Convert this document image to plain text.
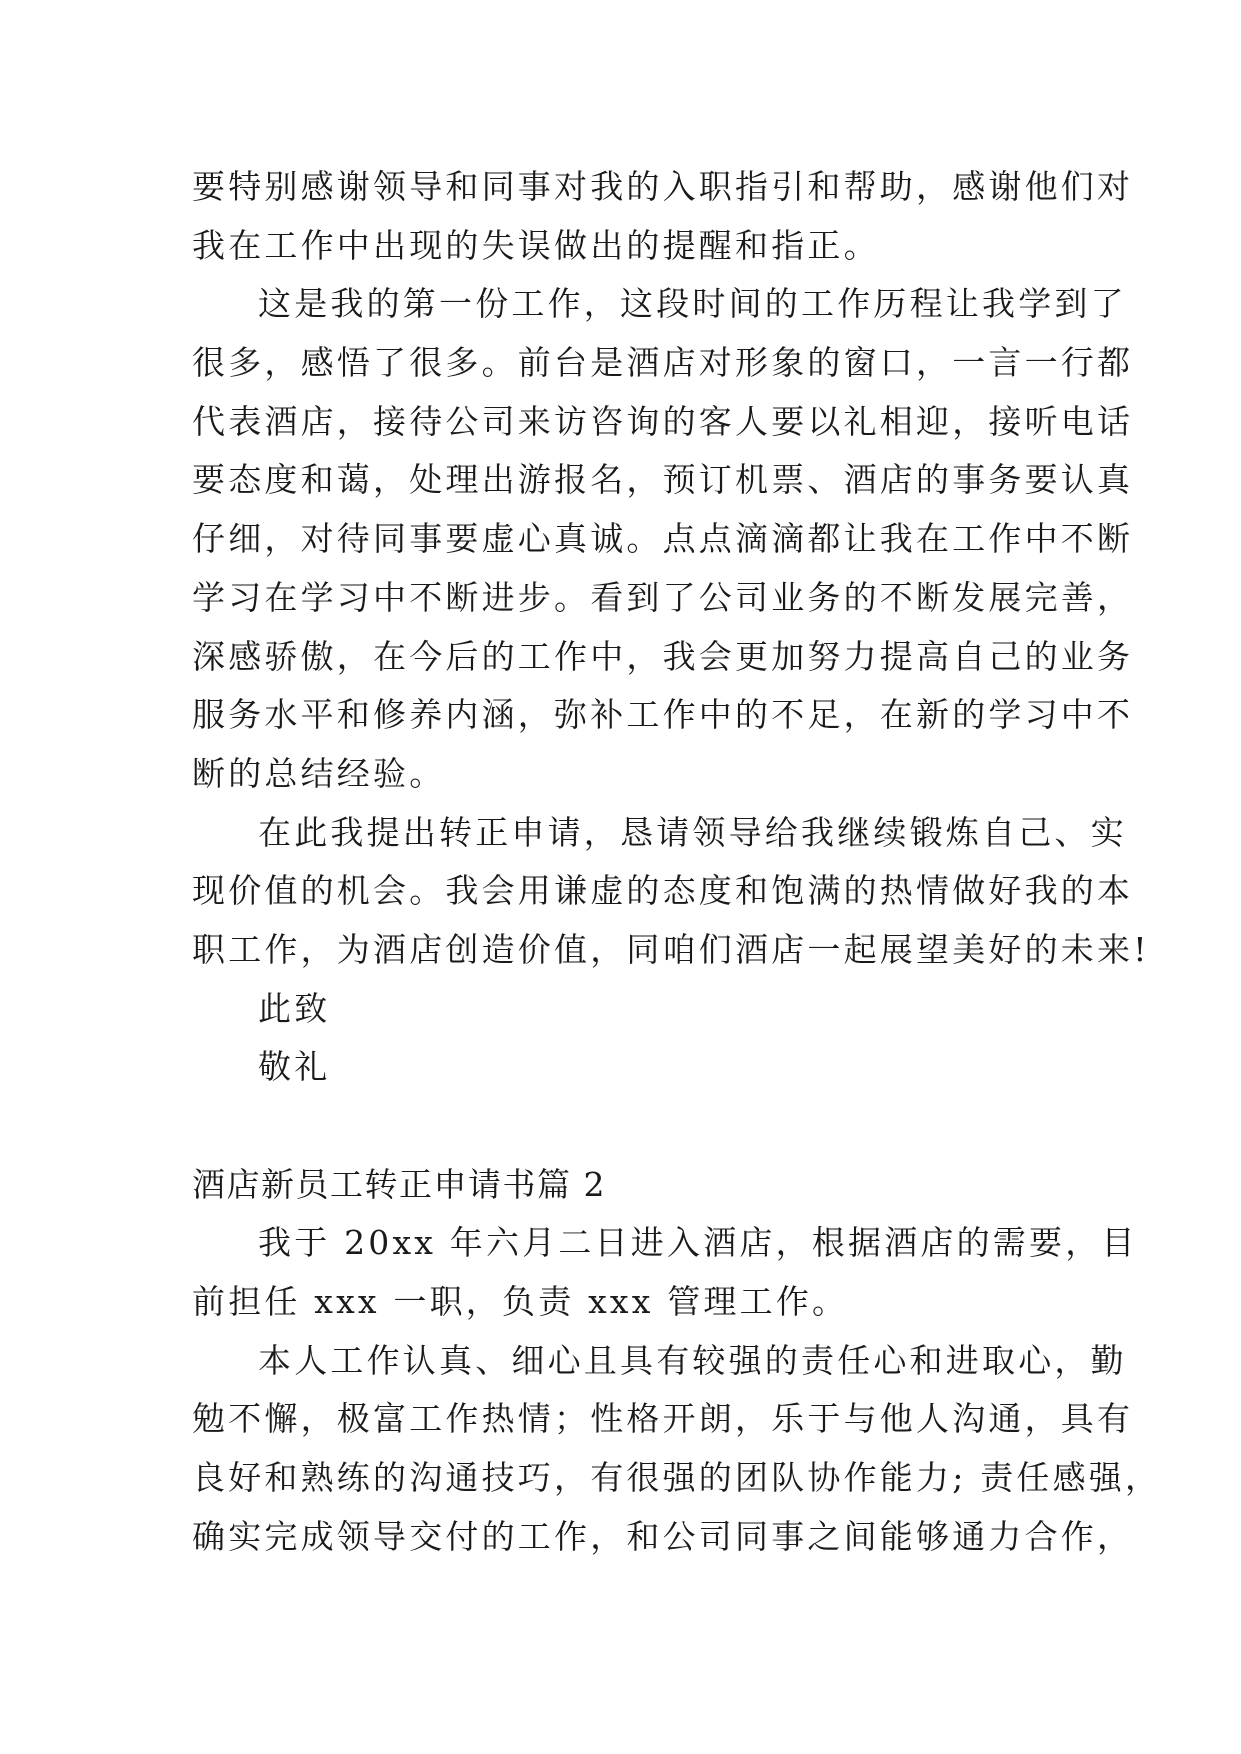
要特别感谢领导和同事对我的入职指引和帮助，感谢他们对
我在工作中出现的失误做出的提醒和指正。
这是我的第一份工作，这段时间的工作历程让我学到了
很多，感悟了很多。前台是酒店对形象的窗口，一言一行都
代表酒店，接待公司来访咨询的客人要以礼相迎，接听电话
要态度和蔼，处理出游报名，预订机票、酒店的事务要认真
仔细，对待同事要虚心真诚。点点滴滴都让我在工作中不断
学习在学习中不断进步。看到了公司业务的不断发展完善，
深感骄傲，在今后的工作中，我会更加努力提高自己的业务
服务水平和修养内涵，弥补工作中的不足，在新的学习中不
断的总结经验。
在此我提出转正申请，恳请领导给我继续锻炼自己、实
现价值的机会。我会用谦虚的态度和饱满的热情做好我的本
职工作，为酒店创造价值，同咱们酒店一起展望美好的未来!
此致
敬礼
酒店新员工转正申请书篇 2
我于 20xx 年六月二日进入酒店，根据酒店的需要，目
前担任 xxx 一职，负责 xxx 管理工作。
本人工作认真、细心且具有较强的责任心和进取心，勤
勉不懈，极富工作热情；性格开朗，乐于与他人沟通，具有
良好和熟练的沟通技巧，有很强的团队协作能力; 责任感强，
确实完成领导交付的工作，和公司同事之间能够通力合作，
